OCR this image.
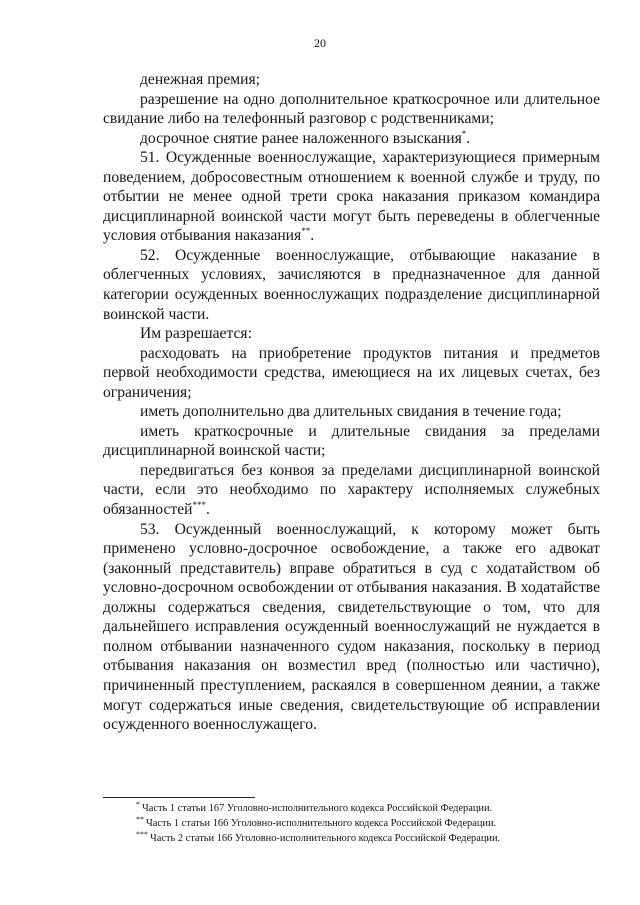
20

денежная премия;

разрешение на одно дополнительное краткосрочное или длительное свидание либо на телефонный разговор с родственниками;

досрочное снятие ранее наложенного взыскания*.

51. Осужденные военнослужащие, характеризующиеся примерным поведением, добросовестным отношением к военной службе и труду, по отбытии не менее одной трети срока наказания приказом командира дисциплинарной воинской части могут быть переведены в облегченные условия отбывания наказания**.

52. Осужденные военнослужащие, отбывающие наказание в облегченных условиях, зачисляются в предназначенное для данной категории осужденных военнослужащих подразделение дисциплинарной воинской части.

Им разрешается:

расходовать на приобретение продуктов питания и предметов первой необходимости средства, имеющиеся на их лицевых счетах, без ограничения;

иметь дополнительно два длительных свидания в течение года;

иметь краткосрочные и длительные свидания за пределами дисциплинарной воинской части;

передвигаться без конвоя за пределами дисциплинарной воинской части, если это необходимо по характеру исполняемых служебных обязанностей***.

53. Осужденный военнослужащий, к которому может быть применено условно-досрочное освобождение, а также его адвокат (законный представитель) вправе обратиться в суд с ходатайством об условно-досрочном освобождении от отбывания наказания. В ходатайстве должны содержаться сведения, свидетельствующие о том, что для дальнейшего исправления осужденный военнослужащий не нуждается в полном отбывании назначенного судом наказания, поскольку в период отбывания наказания он возместил вред (полностью или частично), причиненный преступлением, раскаялся в совершенном деянии, а также могут содержаться иные сведения, свидетельствующие об исправлении осужденного военнослужащего.

* Часть 1 статьи 167 Уголовно-исполнительного кодекса Российской Федерации.

** Часть 1 статьи 166 Уголовно-исполнительного кодекса Российской Федерации.

*** Часть 2 статьи 166 Уголовно-исполнительного кодекса Российской Федерации.
